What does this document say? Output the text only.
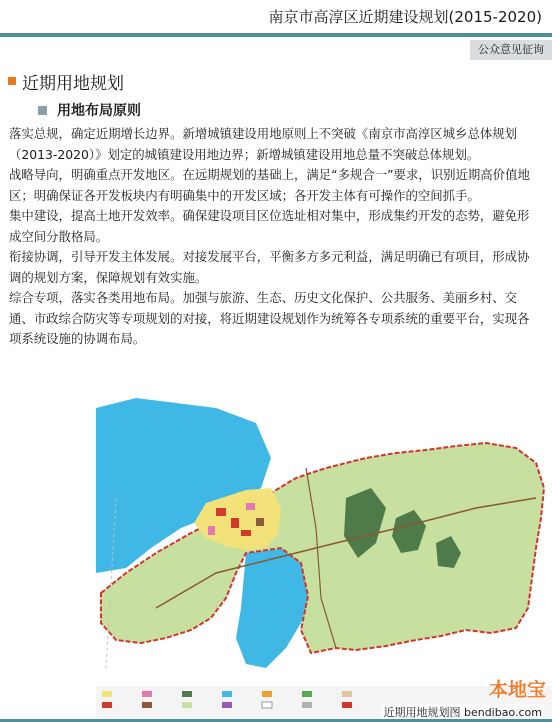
南京市高淳区近期建设规划(2015-2020)
公众意见征询
近期用地规划
用地布局原则

落实总规，确定近期增长边界。新增城镇建设用地原则上不突破《南京市高淳区城乡总体规划（2013-2020）》划定的城镇建设用地边界；新增城镇建设用地总量不突破总体规划。

战略导向，明确重点开发地区。在远期规划的基础上，满足“多规合一”要求，识别近期高价值地区；明确保证各开发板块内有明确集中的开发区域；各开发主体有可操作的空间抓手。

集中建设，提高土地开发效率。确保建设项目区位选址相对集中，形成集约开发的态势，避免形成空间分散格局。

衔接协调，引导开发主体发展。对接发展平台，平衡多方多元利益，满足明确已有项目，形成协调的规划方案，保障规划有效实施。

综合专项，落实各类用地布局。加强与旅游、生态、历史文化保护、公共服务、美丽乡村、交通、市政综合防灾等专项规划的对接，将近期建设规划作为统筹各专项系统的重要平台，实现各项系统设施的协调布局。

本地宝
近期用地规划图 bendibao.com
